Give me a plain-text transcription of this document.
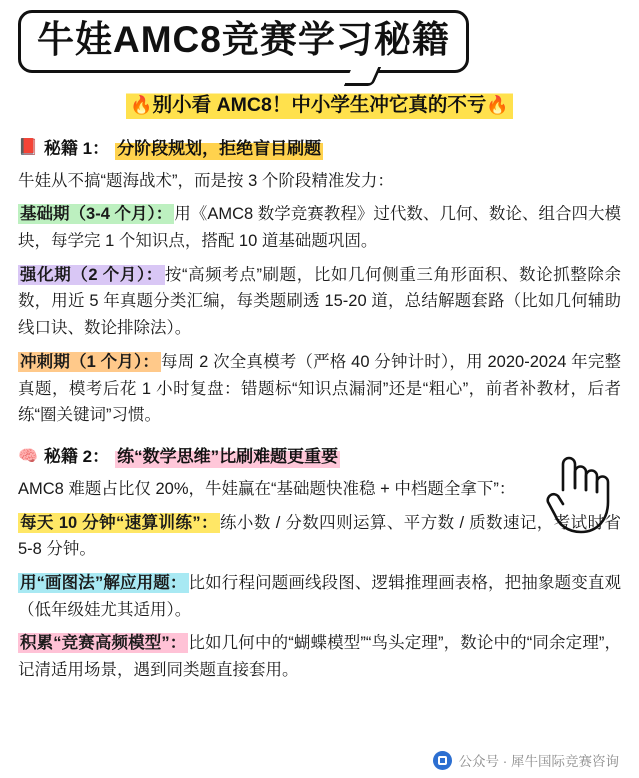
牛娃AMC8竞赛学习秘籍
🔥别小看 AMC8！中小学生冲它真的不亏🔥
📕 秘籍 1： 分阶段规划，拒绝盲目刷题

牛娃从不搞“题海战术”，而是按 3 个阶段精准发力：

基础期（3-4 个月）： 用《AMC8 数学竞赛教程》过代数、几何、数论、组合四大模块，每学完 1 个知识点，搭配 10 道基础题巩固。

强化期（2 个月）： 按“高频考点”刷题，比如几何侧重三角形面积、数论抓整除余数，用近 5 年真题分类汇编，每类题刷透 15-20 道，总结解题套路（比如几何辅助线口诀、数论排除法）。

冲刺期（1 个月）： 每周 2 次全真模考（严格 40 分钟计时），用 2020-2024 年完整真题，模考后花 1 小时复盘：错题标“知识点漏洞”还是“粗心”，前者补教材，后者练“圈关键词”习惯。

🧠 秘籍 2： 练“数学思维”比刷难题更重要

AMC8 难题占比仅 20%，牛娃赢在“基础题快准稳 + 中档题全拿下”：

每天 10 分钟“速算训练”： 练小数 / 分数四则运算、平方数 / 质数速记，考试时省 5-8 分钟。

用“画图法”解应用题： 比如行程问题画线段图、逻辑推理画表格，把抽象题变直观（低年级娃尤其适用）。

积累“竞赛高频模型”： 比如几何中的“蝴蝶模型”“鸟头定理”，数论中的“同余定理”，记清适用场景，遇到同类题直接套用。

公众号 · 犀牛国际竞赛咨询
